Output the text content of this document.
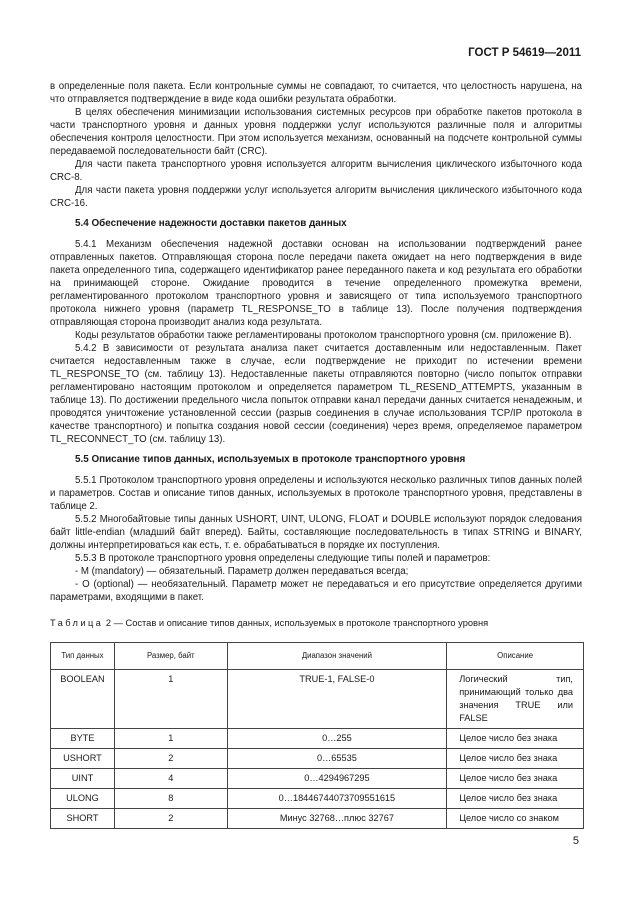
ГОСТ Р 54619—2011

в определенные поля пакета. Если контрольные суммы не совпадают, то считается, что целостность нарушена, на что отправляется подтверждение в виде кода ошибки результата обработки.

В целях обеспечения минимизации использования системных ресурсов при обработке пакетов протокола в части транспортного уровня и данных уровня поддержки услуг используются различные поля и алгоритмы обеспечения контроля целостности. При этом используется механизм, основанный на подсчете контрольной суммы передаваемой последовательности байт (CRC).

Для части пакета транспортного уровня используется алгоритм вычисления циклического избыточного кода CRC-8.

Для части пакета уровня поддержки услуг используется алгоритм вычисления циклического избыточного кода CRC-16.

5.4 Обеспечение надежности доставки пакетов данных

5.4.1 Механизм обеспечения надежной доставки основан на использовании подтверждений ранее отправленных пакетов. Отправляющая сторона после передачи пакета ожидает на него подтверждения в виде пакета определенного типа, содержащего идентификатор ранее переданного пакета и код результата его обработки на принимающей стороне. Ожидание проводится в течение определенного промежутка времени, регламентированного протоколом транспортного уровня и зависящего от типа используемого транспортного протокола нижнего уровня (параметр TL_RESPONSE_TO в таблице 13). После получения подтверждения отправляющая сторона производит анализ кода результата.

Коды результатов обработки также регламентированы протоколом транспортного уровня (см. приложение В).

5.4.2 В зависимости от результата анализа пакет считается доставленным или недоставленным. Пакет считается недоставленным также в случае, если подтверждение не приходит по истечении времени TL_RESPONSE_TO (см. таблицу 13). Недоставленные пакеты отправляются повторно (число попыток отправки регламентировано настоящим протоколом и определяется параметром TL_RESEND_ATTEMPTS, указанным в таблице 13). По достижении предельного числа попыток отправки канал передачи данных считается ненадежным, и проводятся уничтожение установленной сессии (разрыв соединения в случае использования TCP/IP протокола в качестве транспортного) и попытка создания новой сессии (соединения) через время, определяемое параметром TL_RECONNECT_TO (см. таблицу 13).

5.5 Описание типов данных, используемых в протоколе транспортного уровня

5.5.1 Протоколом транспортного уровня определены и используются несколько различных типов данных полей и параметров. Состав и описание типов данных, используемых в протоколе транспортного уровня, представлены в таблице 2.

5.5.2 Многобайтовые типы данных USHORT, UINT, ULONG, FLOAT и DOUBLE используют порядок следования байт little-endian (младший байт вперед). Байты, составляющие последовательность в типах STRING и BINARY, должны интерпретироваться как есть, т. е. обрабатываться в порядке их поступления.

5.5.3 В протоколе транспортного уровня определены следующие типы полей и параметров:

- М (mandatory) — обязательный. Параметр должен передаваться всегда;

- О (optional) — необязательный. Параметр может не передаваться и его присутствие определяется другими параметрами, входящими в пакет.

Таблица 2 — Состав и описание типов данных, используемых в протоколе транспортного уровня
Тип данных	Размер, байт	Диапазон значений	Описание
BOOLEAN	1	TRUE-1, FALSE-0	Логический тип, принимающий только два значения TRUE или FALSE
BYTE	1	0…255	Целое число без знака
USHORT	2	0…65535	Целое число без знака
UINT	4	0…4294967295	Целое число без знака
ULONG	8	0…18446744073709551615	Целое число без знака
SHORT	2	Минус 32768…плюс 32767	Целое число со знаком
5
